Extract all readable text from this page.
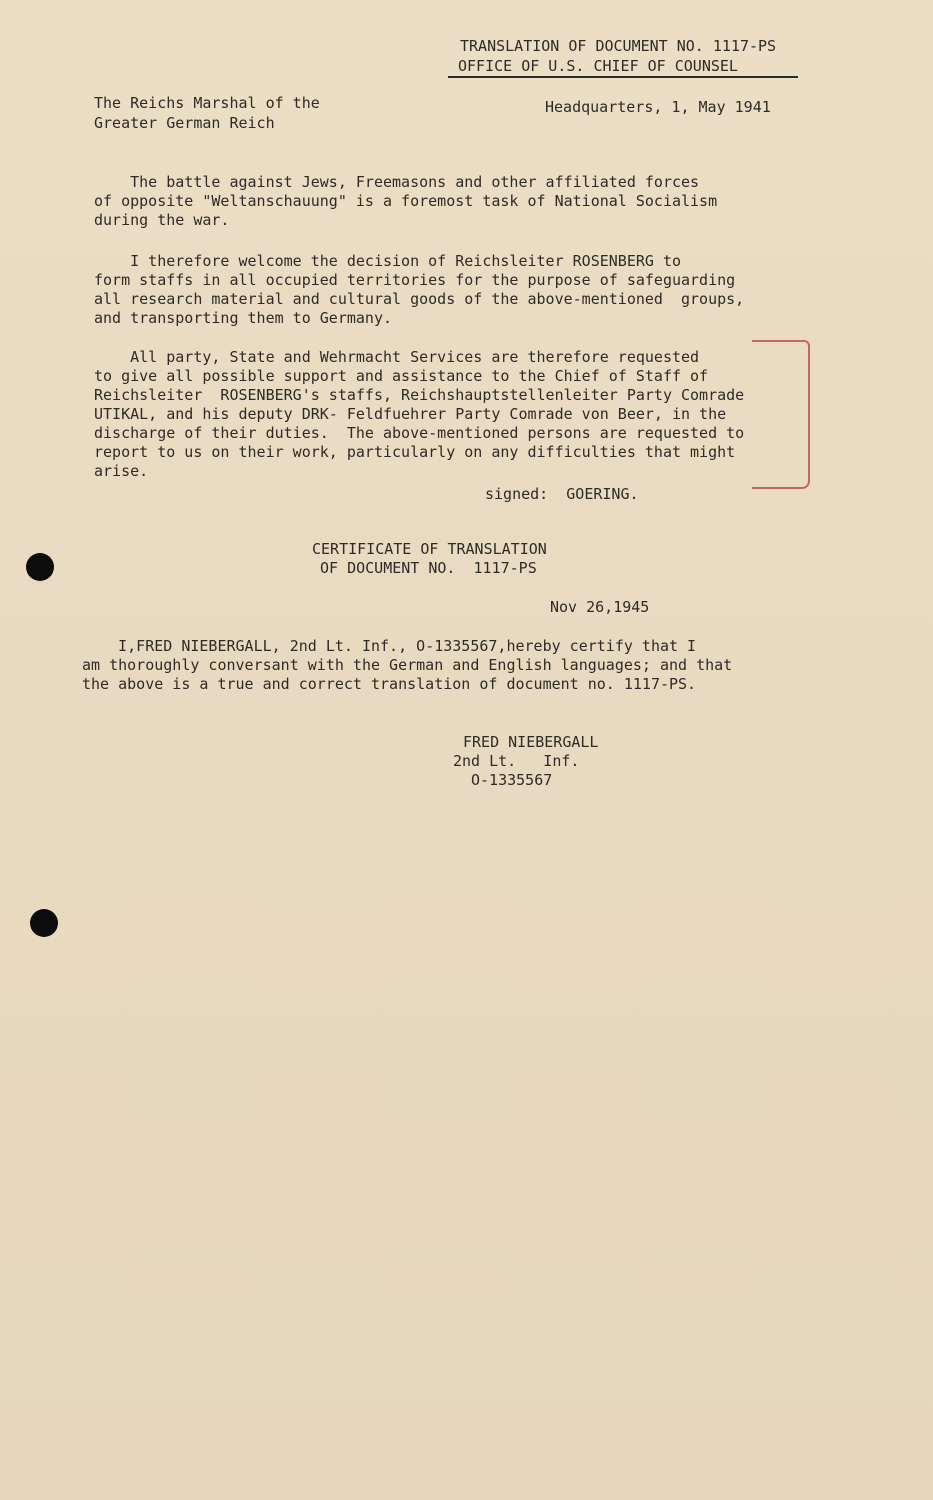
TRANSLATION OF DOCUMENT NO. 1117-PS
OFFICE OF U.S. CHIEF OF COUNSEL
The Reichs Marshal of the
Greater German Reich
Headquarters, 1, May 1941
The battle against Jews, Freemasons and other affiliated forces
of opposite "Weltanschauung" is a foremost task of National Socialism
during the war.
I therefore welcome the decision of Reichsleiter ROSENBERG to
form staffs in all occupied territories for the purpose of safeguarding
all research material and cultural goods of the above-mentioned  groups,
and transporting them to Germany.
All party, State and Wehrmacht Services are therefore requested
to give all possible support and assistance to the Chief of Staff of
Reichsleiter  ROSENBERG's staffs, Reichshauptstellenleiter Party Comrade
UTIKAL, and his deputy DRK- Feldfuehrer Party Comrade von Beer, in the
discharge of their duties.  The above-mentioned persons are requested to
report to us on their work, particularly on any difficulties that might
arise.
signed:  GOERING.
CERTIFICATE OF TRANSLATION
OF DOCUMENT NO.  1117-PS
Nov 26,1945
I,FRED NIEBERGALL, 2nd Lt. Inf., O-1335567,hereby certify that I
am thoroughly conversant with the German and English languages; and that
the above is a true and correct translation of document no. 1117-PS.
FRED NIEBERGALL
2nd Lt.   Inf.
O-1335567
